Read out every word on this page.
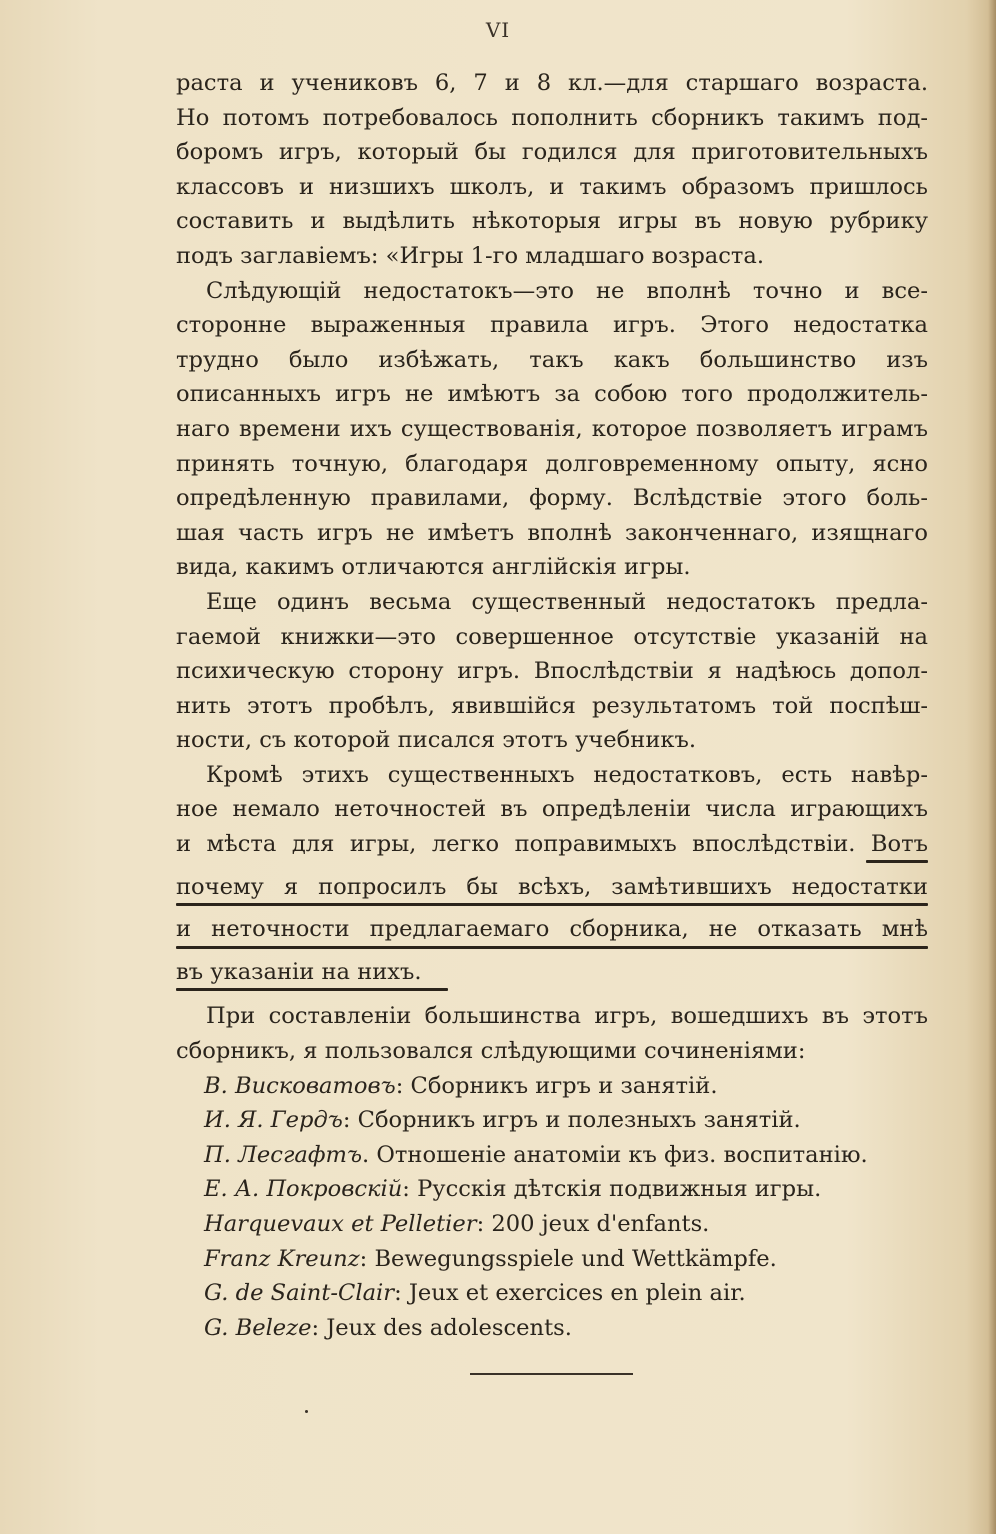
VI
раста и учениковъ 6, 7 и 8 кл.—для старшаго возраста.
Но потомъ потребовалось пополнить сборникъ такимъ под-
боромъ игръ, который бы годился для приготовительныхъ
классовъ и низшихъ школъ, и такимъ образомъ пришлось
составить и выдѣлить нѣкоторыя игры въ новую рубрику
подъ заглавіемъ: «Игры 1-го младшаго возраста.
Слѣдующій недостатокъ—это не вполнѣ точно и все-
сторонне выраженныя правила игръ. Этого недостатка
трудно было избѣжать, такъ какъ большинство изъ
описанныхъ игръ не имѣютъ за собою того продолжитель-
наго времени ихъ существованія, которое позволяетъ играмъ
принять точную, благодаря долговременному опыту, ясно
опредѣленную правилами, форму. Вслѣдствіе этого боль-
шая часть игръ не имѣетъ вполнѣ законченнаго, изящнаго
вида, какимъ отличаются англійскія игры.
Еще одинъ весьма существенный недостатокъ предла-
гаемой книжки—это совершенное отсутствіе указаній на
психическую сторону игръ. Впослѣдствіи я надѣюсь допол-
нить этотъ пробѣлъ, явившійся результатомъ той поспѣш-
ности, съ которой писался этотъ учебникъ.
Кромѣ этихъ существенныхъ недостатковъ, есть навѣр-
ное немало неточностей въ опредѣленіи числа играющихъ
и мѣста для игры, легко поправимыхъ впослѣдствіи. Вотъ
почему я попросилъ бы всѣхъ, замѣтившихъ недостатки
и неточности предлагаемаго сборника, не отказать мнѣ
въ указаніи на нихъ.
При составленіи большинства игръ, вошедшихъ въ этотъ
сборникъ, я пользовался слѣдующими сочиненіями:
В. Висковатовъ: Сборникъ игръ и занятій.
И. Я. Гердъ: Сборникъ игръ и полезныхъ занятій.
П. Лесгафтъ. Отношеніе анатоміи къ физ. воспитанію.
Е. А. Покровскій: Русскія дѣтскія подвижныя игры.
Harquevaux et Pelletier: 200 jeux d'enfants.
Franz Kreunz: Bewegungsspiele und Wettkämpfe.
G. de Saint-Clair: Jeux et exercices en plein air.
G. Beleze: Jeux des adolescents.
